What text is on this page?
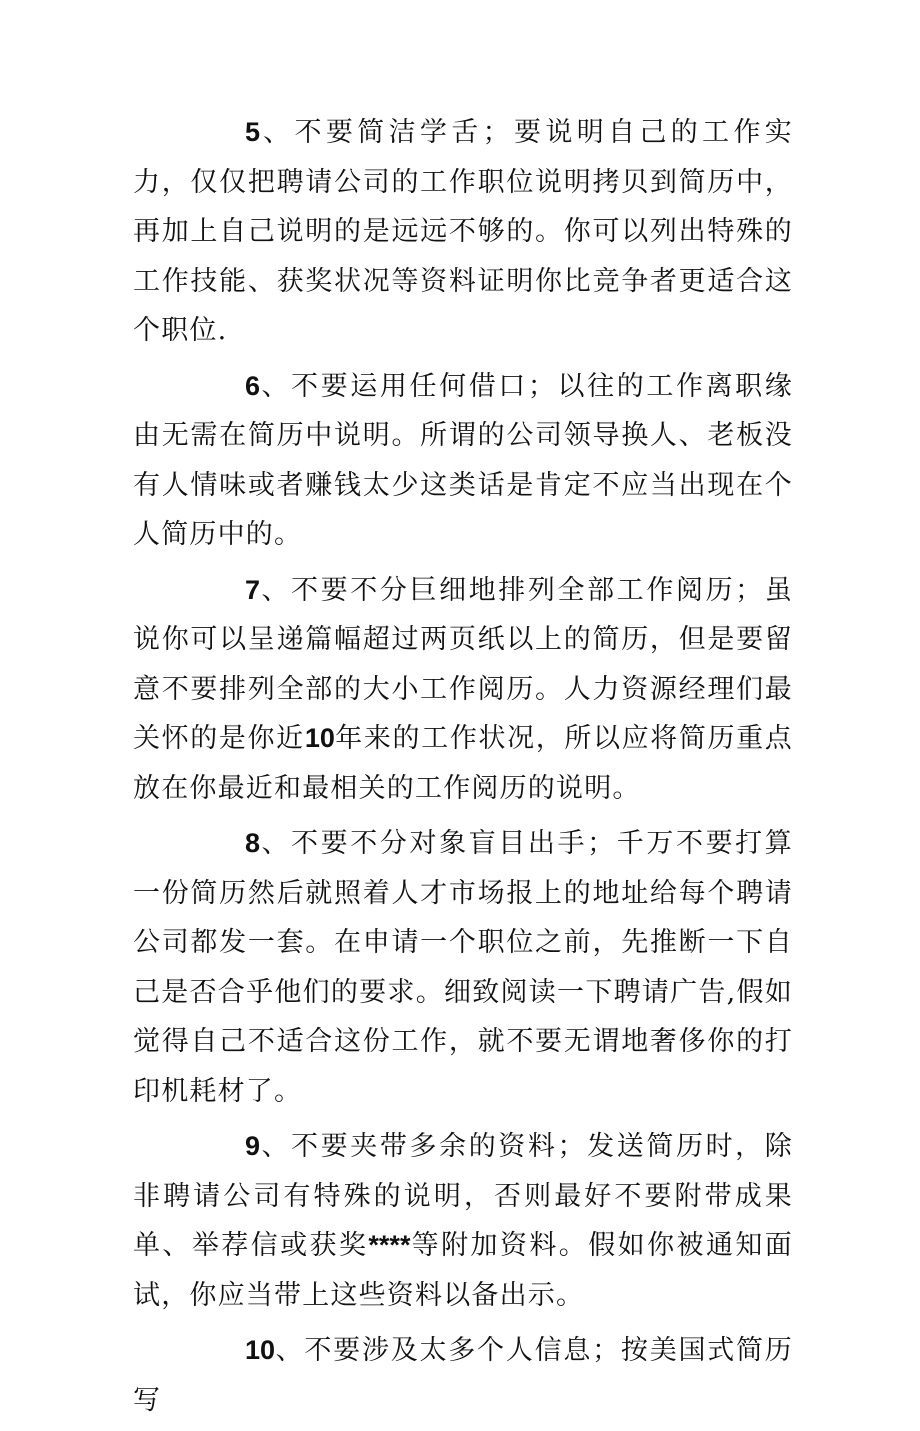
5、不要简洁学舌；要说明自己的工作实力，仅仅把聘请公司的工作职位说明拷贝到简历中，再加上自己说明的是远远不够的。你可以列出特殊的工作技能、获奖状况等资料证明你比竞争者更适合这个职位.

6、不要运用任何借口；以往的工作离职缘由无需在简历中说明。所谓的公司领导换人、老板没有人情味或者赚钱太少这类话是肯定不应当出现在个人简历中的。

7、不要不分巨细地排列全部工作阅历；虽说你可以呈递篇幅超过两页纸以上的简历，但是要留意不要排列全部的大小工作阅历。人力资源经理们最关怀的是你近10年来的工作状况，所以应将简历重点放在你最近和最相关的工作阅历的说明。

8、不要不分对象盲目出手；千万不要打算一份简历然后就照着人才市场报上的地址给每个聘请公司都发一套。在申请一个职位之前，先推断一下自己是否合乎他们的要求。细致阅读一下聘请广告,假如觉得自己不适合这份工作，就不要无谓地奢侈你的打印机耗材了。

9、不要夹带多余的资料；发送简历时，除非聘请公司有特殊的说明，否则最好不要附带成果单、举荐信或获奖****等附加资料。假如你被通知面试，你应当带上这些资料以备出示。

10、不要涉及太多个人信息；按美国式简历写
